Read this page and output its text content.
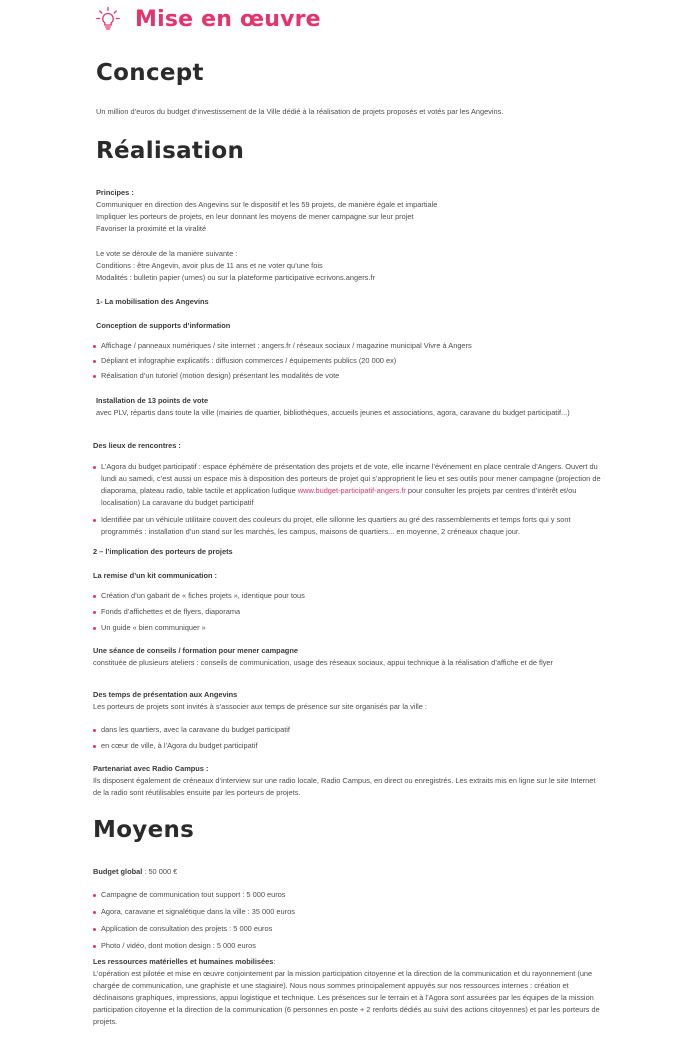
Mise en œuvre
Concept
Un million d’euros du budget d’investissement de la Ville dédié à la réalisation de projets proposés et votés par les Angevins.
Réalisation
Principes :
Communiquer en direction des Angevins sur le dispositif et les 59 projets, de manière égale et impartiale
Impliquer les porteurs de projets, en leur donnant les moyens de mener campagne sur leur projet
Favoriser la proximité et la viralité
Le vote se déroule de la manière suivante :
Conditions : être Angevin, avoir plus de 11 ans et ne voter qu’une fois
Modalités : bulletin papier (urnes) ou sur la plateforme participative ecrivons.angers.fr
1- La mobilisation des Angevins
Conception de supports d’information
Affichage / panneaux numériques / site internet : angers.fr / réseaux sociaux / magazine municipal Vivre à Angers
Dépliant et infographie explicatifs : diffusion commerces / équipements publics (20 000 ex)
Réalisation d’un tutoriel (motion design) présentant les modalités de vote
Installation de 13 points de vote
avec PLV, répartis dans toute la ville (mairies de quartier, bibliothèques, accueils jeunes et associations, agora, caravane du budget participatif...)
Des lieux de rencontres :
L’Agora du budget participatif : espace éphémère de présentation des projets et de vote, elle incarne l’événement en place centrale d’Angers. Ouvert du lundi au samedi, c’est aussi un espace mis à disposition des porteurs de projet qui s’approprient le lieu et ses outils pour mener campagne (projection de diaporama, plateau radio, table tactile et application ludique www.budget-participatif-angers.fr pour consulter les projets par centres d’intérêt et/ou localisation) La caravane du budget participatif
Identifiée par un véhicule utilitaire couvert des couleurs du projet, elle sillonne les quartiers au gré des rassemblements et temps forts qui y sont programmés : installation d’un stand sur les marchés, les campus, maisons de quartiers... en moyenne, 2 créneaux chaque jour.
2 – l’implication des porteurs de projets
La remise d’un kit communication :
Création d’un gabarit de « fiches projets », identique pour tous
Fonds d’affichettes et de flyers, diaporama
Un guide « bien communiquer »
Une séance de conseils / formation pour mener campagne
constituée de plusieurs ateliers : conseils de communication, usage des réseaux sociaux, appui technique à la réalisation d’affiche et de flyer
Des temps de présentation aux Angevins
Les porteurs de projets sont invités à s’associer aux temps de présence sur site organisés par la ville :
dans les quartiers, avec la caravane du budget participatif
en cœur de ville, à l’Agora du budget participatif
Partenariat avec Radio Campus :
Ils disposent également de créneaux d’interview sur une radio locale, Radio Campus, en direct ou enregistrés. Les extraits mis en ligne sur le site Internet de la radio sont réutilisables ensuite par les porteurs de projets.
Moyens
Budget global : 50 000 €
Campagne de communication tout support : 5 000 euros
Agora, caravane et signalétique dans la ville : 35 000 euros
Application de consultation des projets : 5 000 euros
Photo / vidéo, dont motion design : 5 000 euros
Les ressources matérielles et humaines mobilisées:
L’opération est pilotée et mise en œuvre conjointement par la mission participation citoyenne et la direction de la communication et du rayonnement (une chargée de communication, une graphiste et une stagiaire). Nous nous sommes principalement appuyés sur nos ressources internes : création et déclinaisons graphiques, impressions, appui logistique et technique. Les présences sur le terrain et à l’Agora sont assurées par les équipes de la mission participation citoyenne et la direction de la communication (6 personnes en poste + 2 renforts dédiés au suivi des actions citoyennes) et par les porteurs de projets.
